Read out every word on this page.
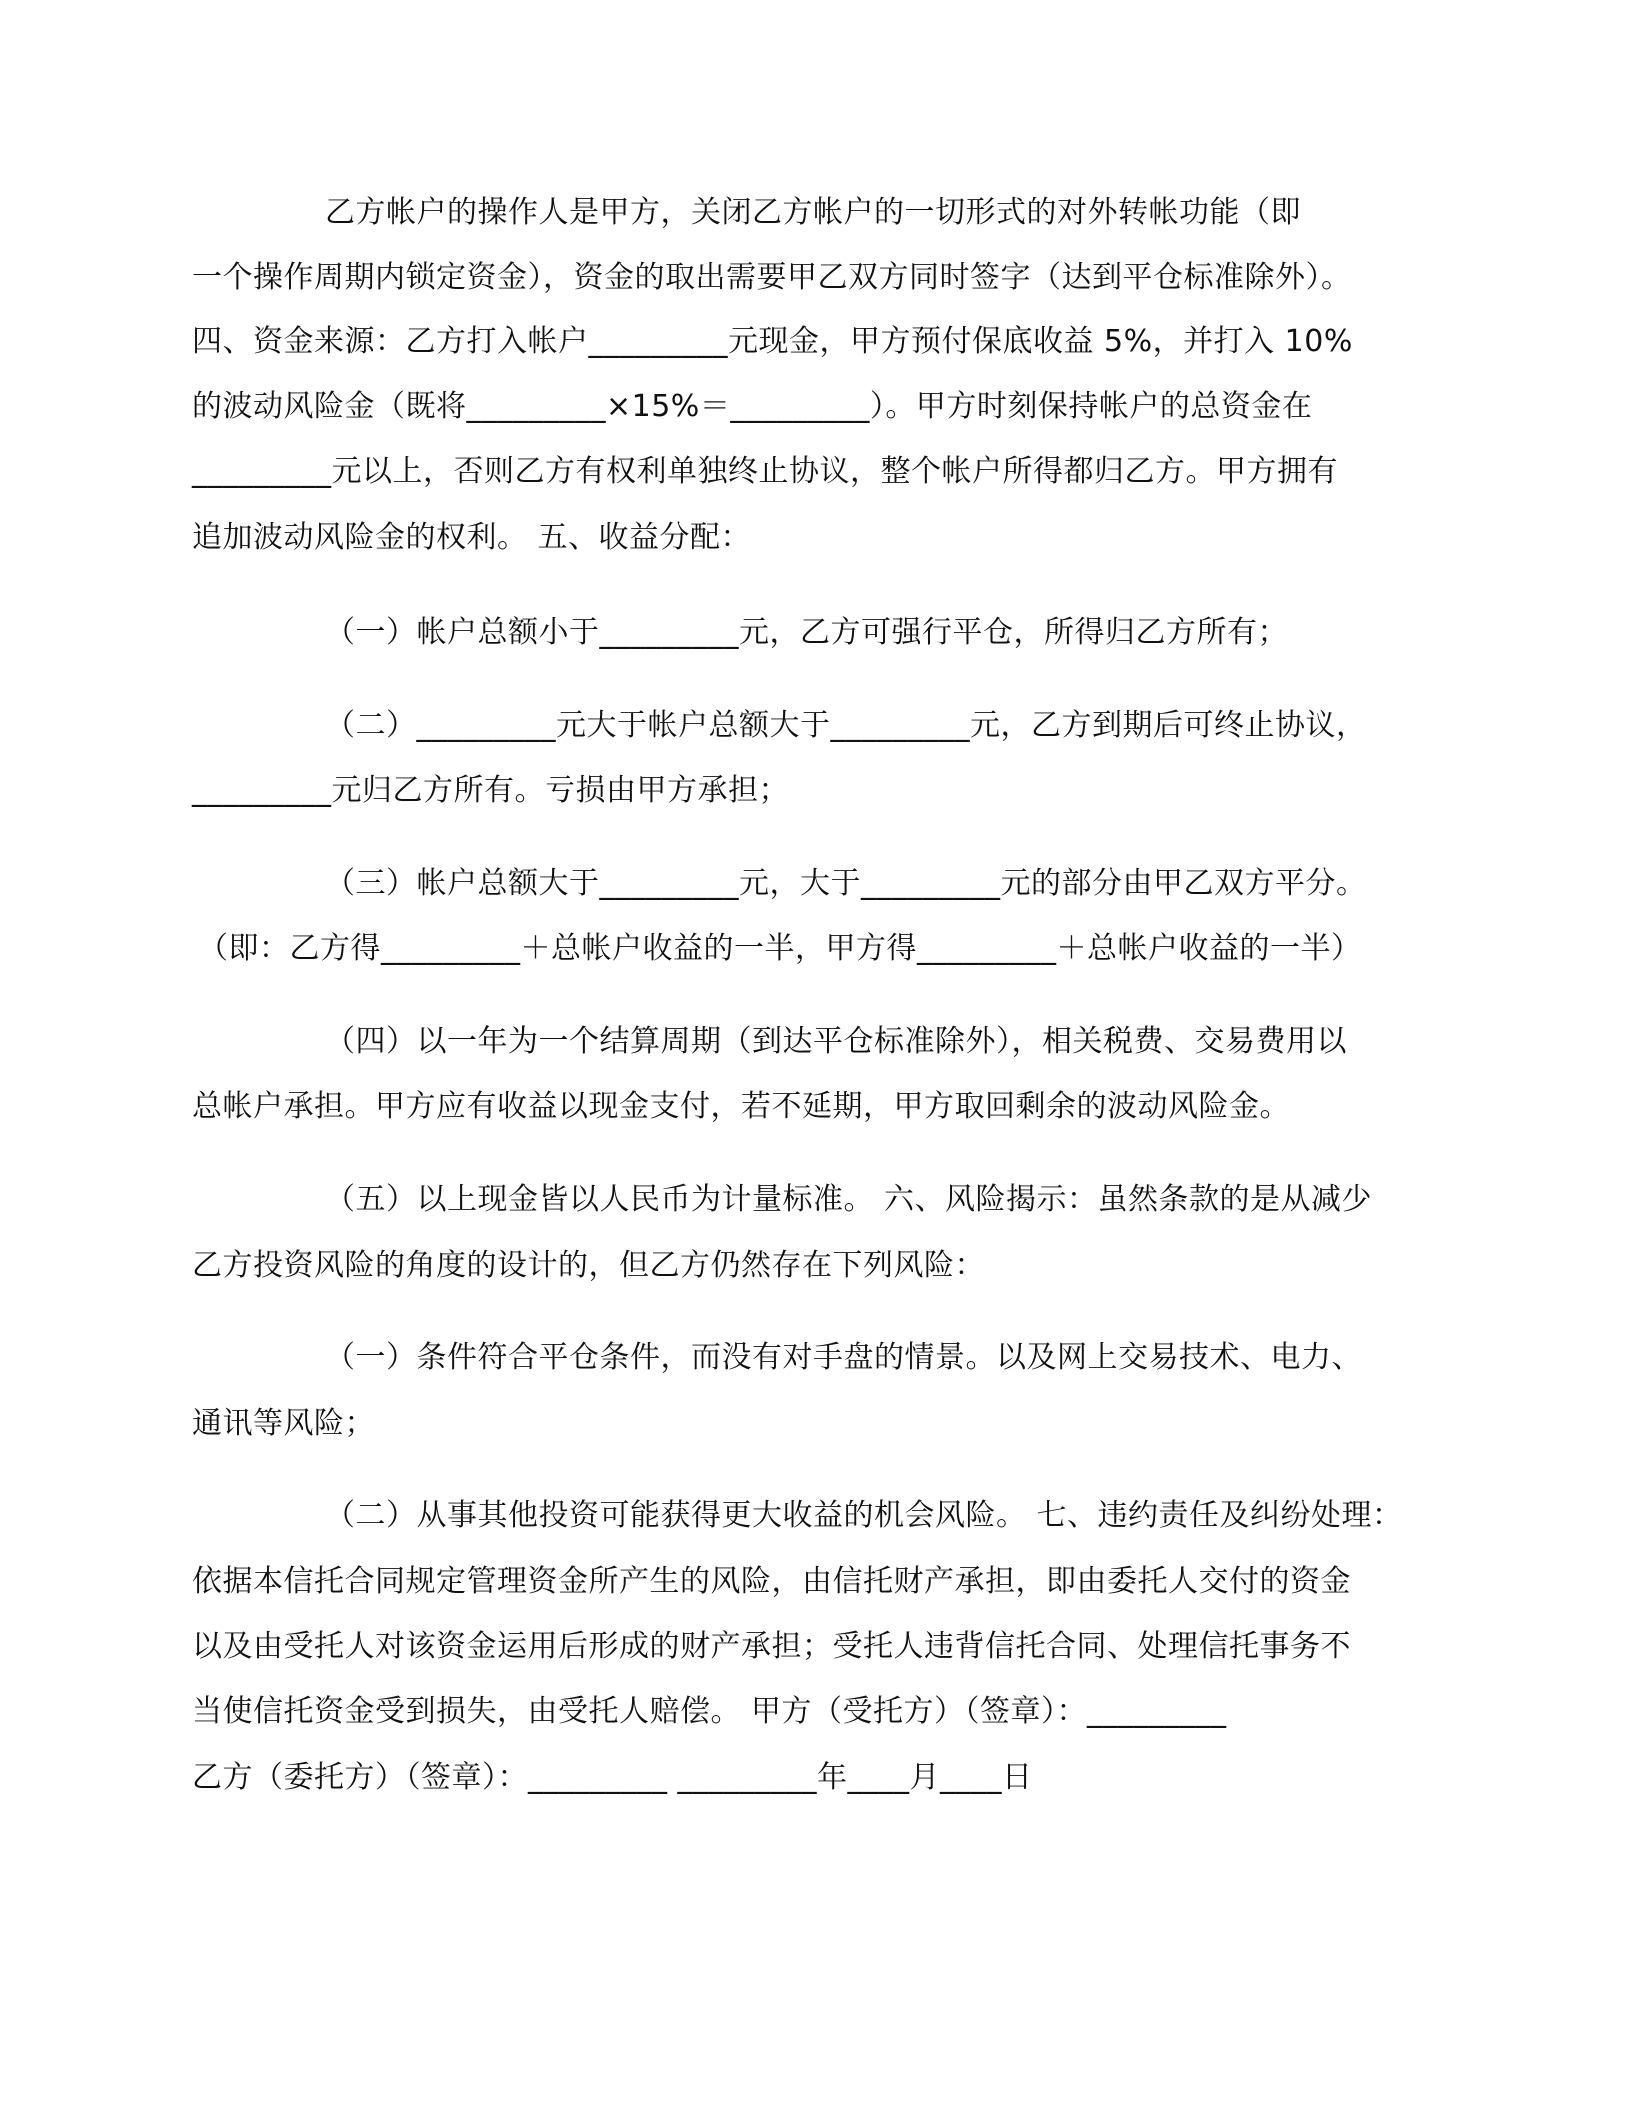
乙方帐户的操作人是甲方，关闭乙方帐户的一切形式的对外转帐功能（即
一个操作周期内锁定资金），资金的取出需要甲乙双方同时签字（达到平仓标准除外）。
四、资金来源：乙方打入帐户_________元现金，甲方预付保底收益 5%，并打入 10%
的波动风险金（既将_________×15%＝_________）。甲方时刻保持帐户的总资金在
_________元以上，否则乙方有权利单独终止协议，整个帐户所得都归乙方。甲方拥有
追加波动风险金的权利。 五、收益分配：
（一）帐户总额小于_________元，乙方可强行平仓，所得归乙方所有；
（二）_________元大于帐户总额大于_________元，乙方到期后可终止协议，
_________元归乙方所有。亏损由甲方承担；
（三）帐户总额大于_________元，大于_________元的部分由甲乙双方平分。
（即：乙方得_________＋总帐户收益的一半，甲方得_________＋总帐户收益的一半）
（四）以一年为一个结算周期（到达平仓标准除外），相关税费、交易费用以
总帐户承担。甲方应有收益以现金支付，若不延期，甲方取回剩余的波动风险金。
（五）以上现金皆以人民币为计量标准。 六、风险揭示：虽然条款的是从减少
乙方投资风险的角度的设计的，但乙方仍然存在下列风险：
（一）条件符合平仓条件，而没有对手盘的情景。以及网上交易技术、电力、
通讯等风险；
（二）从事其他投资可能获得更大收益的机会风险。 七、违约责任及纠纷处理：
依据本信托合同规定管理资金所产生的风险，由信托财产承担，即由委托人交付的资金
以及由受托人对该资金运用后形成的财产承担；受托人违背信托合同、处理信托事务不
当使信托资金受到损失，由受托人赔偿。 甲方（受托方）（签章）：_________
乙方（委托方）（签章）：_________ _________年____月____日
